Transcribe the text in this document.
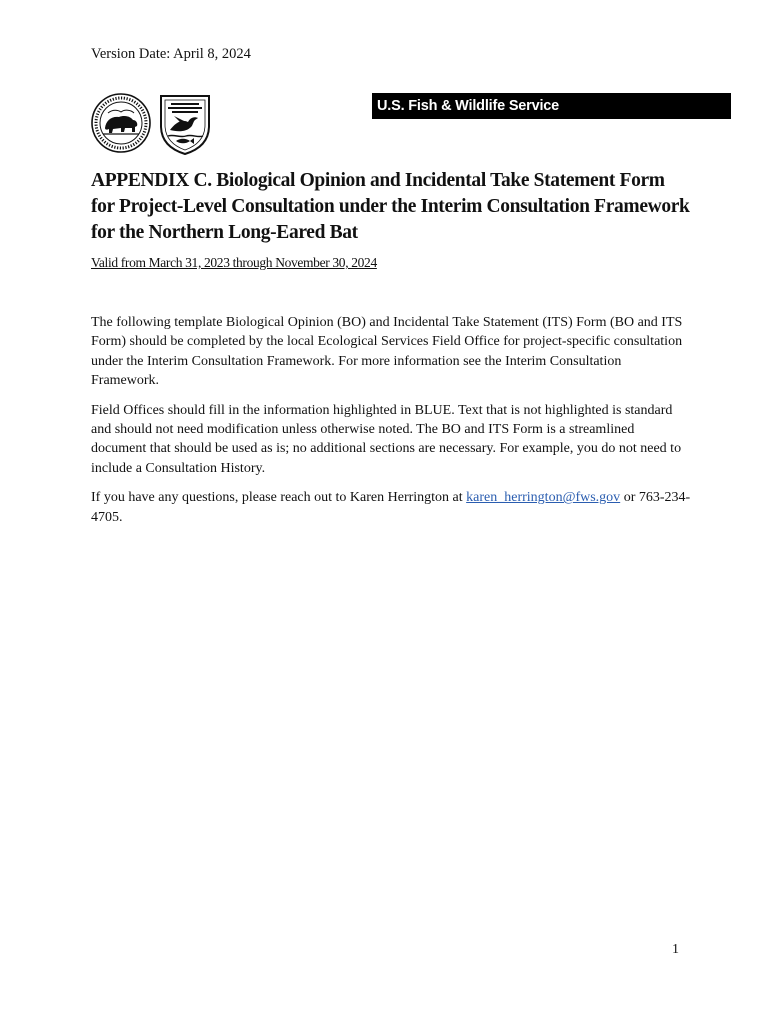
Version Date: April 8, 2024
U.S. Fish & Wildlife Service
APPENDIX C. Biological Opinion and Incidental Take Statement Form for Project-Level Consultation under the Interim Consultation Framework for the Northern Long-Eared Bat
Valid from March 31, 2023 through November 30, 2024

The following template Biological Opinion (BO) and Incidental Take Statement (ITS) Form (BO and ITS Form) should be completed by the local Ecological Services Field Office for project-specific consultation under the Interim Consultation Framework. For more information see the Interim Consultation Framework.

Field Offices should fill in the information highlighted in BLUE. Text that is not highlighted is standard and should not need modification unless otherwise noted. The BO and ITS Form is a streamlined document that should be used as is; no additional sections are necessary. For example, you do not need to include a Consultation History.

If you have any questions, please reach out to Karen Herrington at karen_herrington@fws.gov or 763-234-4705.

1
